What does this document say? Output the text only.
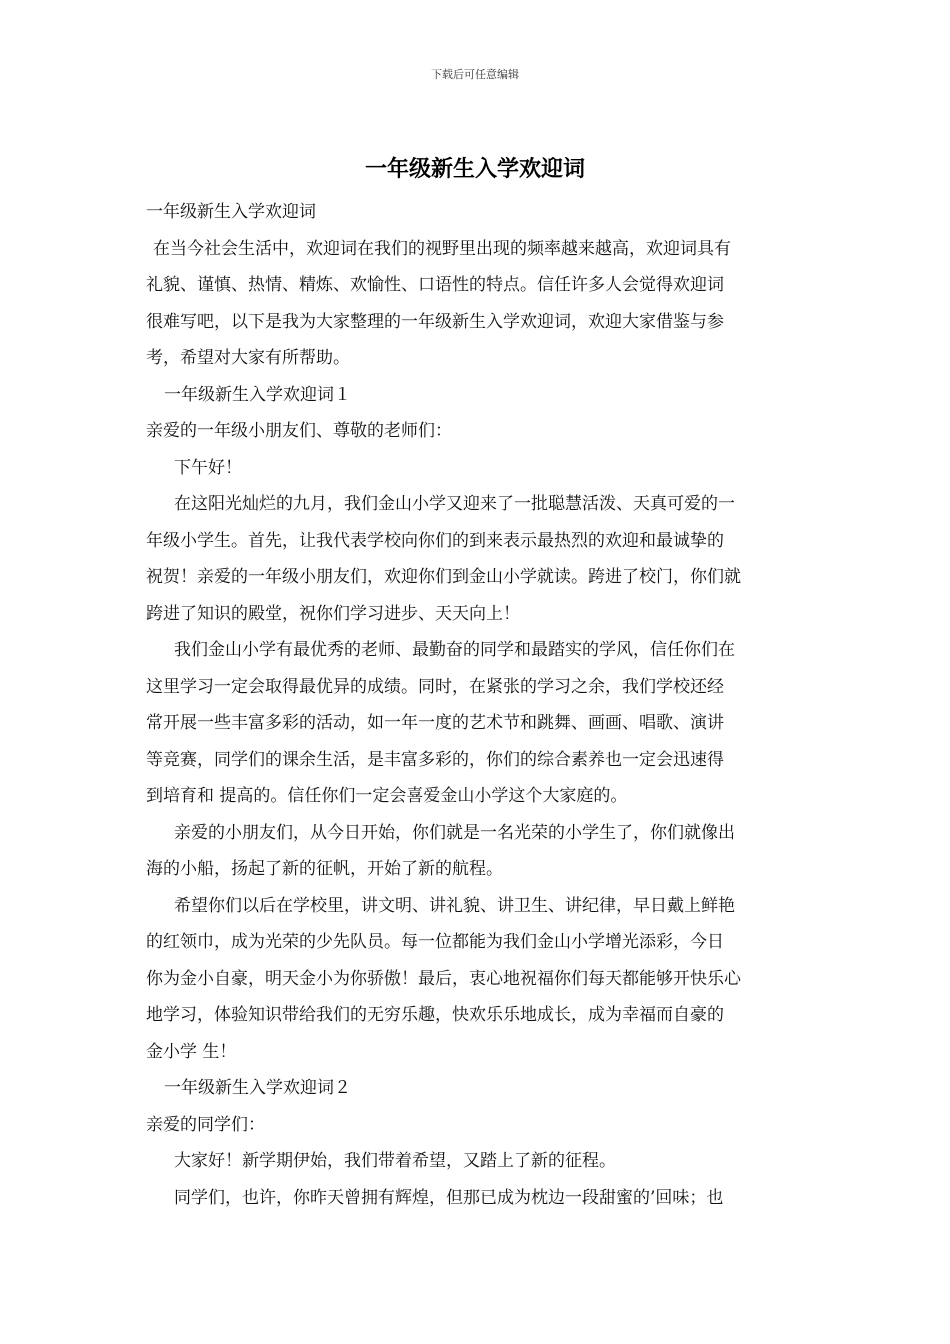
下载后可任意编辑
一年级新生入学欢迎词
一年级新生入学欢迎词
在当今社会生活中，欢迎词在我们的视野里出现的频率越来越高，欢迎词具有
礼貌、谨慎、热情、精炼、欢愉性、口语性的特点。信任许多人会觉得欢迎词
很难写吧，以下是我为大家整理的一年级新生入学欢迎词，欢迎大家借鉴与参
考，希望对大家有所帮助。
一年级新生入学欢迎词１
亲爱的一年级小朋友们、尊敬的老师们：
下午好！
在这阳光灿烂的九月，我们金山小学又迎来了一批聪慧活泼、天真可爱的一
年级小学生。首先，让我代表学校向你们的到来表示最热烈的欢迎和最诚挚的
祝贺！亲爱的一年级小朋友们，欢迎你们到金山小学就读。跨进了校门，你们就
跨进了知识的殿堂，祝你们学习进步、天天向上！
我们金山小学有最优秀的老师、最勤奋的同学和最踏实的学风，信任你们在
这里学习一定会取得最优异的成绩。同时，在紧张的学习之余，我们学校还经
常开展一些丰富多彩的活动，如一年一度的艺术节和跳舞、画画、唱歌、演讲
等竞赛，同学们的课余生活，是丰富多彩的，你们的综合素养也一定会迅速得
到培育和 提高的。信任你们一定会喜爱金山小学这个大家庭的。
亲爱的小朋友们，从今日开始，你们就是一名光荣的小学生了，你们就像出
海的小船，扬起了新的征帆，开始了新的航程。
希望你们以后在学校里，讲文明、讲礼貌、讲卫生、讲纪律，早日戴上鲜艳
的红领巾，成为光荣的少先队员。每一位都能为我们金山小学增光添彩，今日
你为金小自豪，明天金小为你骄傲！最后，衷心地祝福你们每天都能够开快乐心
地学习，体验知识带给我们的无穷乐趣，快欢乐乐地成长，成为幸福而自豪的
金小学 生！
一年级新生入学欢迎词２
亲爱的同学们：
大家好！新学期伊始，我们带着希望，又踏上了新的征程。
同学们，也许，你昨天曾拥有辉煌，但那已成为枕边一段甜蜜的’回味；也
